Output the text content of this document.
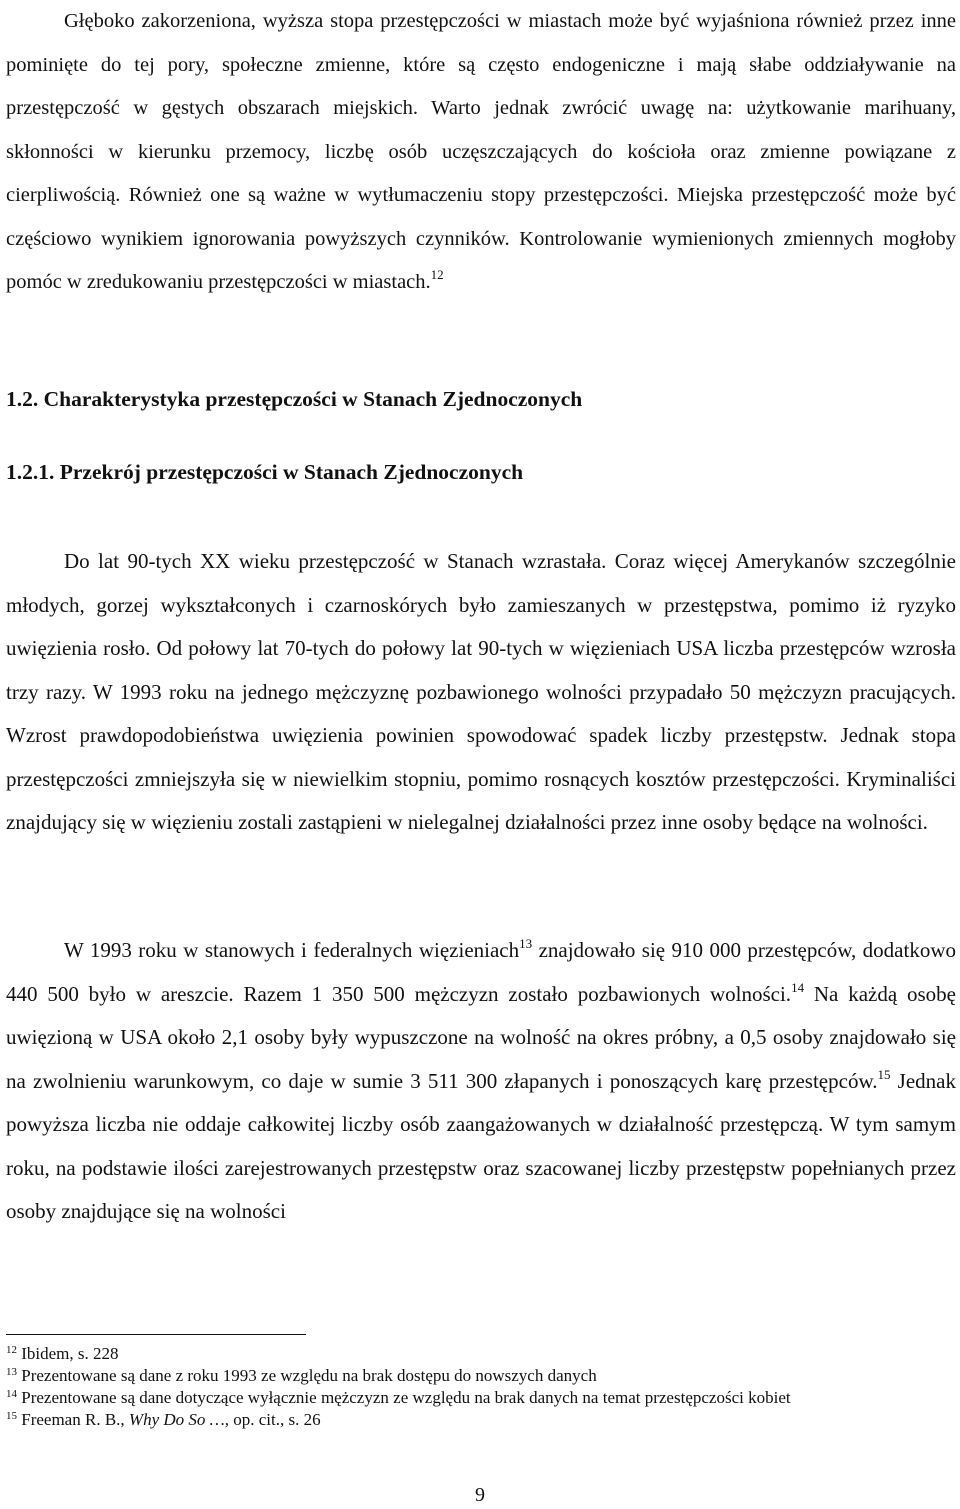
Głęboko zakorzeniona, wyższa stopa przestępczości w miastach może być wyjaśniona również przez inne pominięte do tej pory, społeczne zmienne, które są często endogeniczne i mają słabe oddziaływanie na przestępczość w gęstych obszarach miejskich. Warto jednak zwrócić uwagę na: użytkowanie marihuany, skłonności w kierunku przemocy, liczbę osób uczęszczających do kościoła oraz zmienne powiązane z cierpliwością. Również one są ważne w wytłumaczeniu stopy przestępczości. Miejska przestępczość może być częściowo wynikiem ignorowania powyższych czynników. Kontrolowanie wymienionych zmiennych mogłoby pomóc w zredukowaniu przestępczości w miastach.$^{12}$

1.2. Charakterystyka przestępczości w Stanach Zjednoczonych
1.2.1. Przekrój przestępczości w Stanach Zjednoczonych

Do lat 90-tych XX wieku przestępczość w Stanach wzrastała. Coraz więcej Amerykanów szczególnie młodych, gorzej wykształconych i czarnoskórych było zamieszanych w przestępstwa, pomimo iż ryzyko uwięzienia rosło. Od połowy lat 70-tych do połowy lat 90-tych w więzieniach USA liczba przestępców wzrosła trzy razy. W 1993 roku na jednego mężczyznę pozbawionego wolności przypadało 50 mężczyzn pracujących. Wzrost prawdopodobieństwa uwięzienia powinien spowodować spadek liczby przestępstw. Jednak stopa przestępczości zmniejszyła się w niewielkim stopniu, pomimo rosnących kosztów przestępczości. Kryminaliści znajdujący się w więzieniu zostali zastąpieni w nielegalnej działalności przez inne osoby będące na wolności.

W 1993 roku w stanowych i federalnych więzieniach$^{13}$ znajdowało się 910 000 przestępców, dodatkowo 440 500 było w areszcie. Razem 1 350 500 mężczyzn zostało pozbawionych wolności.$^{14}$ Na każdą osobę uwięzioną w USA około 2,1 osoby były wypuszczone na wolność na okres próbny, a 0,5 osoby znajdowało się na zwolnieniu warunkowym, co daje w sumie 3 511 300 złapanych i ponoszących karę przestępców.$^{15}$ Jednak powyższa liczba nie oddaje całkowitej liczby osób zaangażowanych w działalność przestępczą. W tym samym roku, na podstawie ilości zarejestrowanych przestępstw oraz szacowanej liczby przestępstw popełnianych przez osoby znajdujące się na wolności

$^{12}$ Ibidem, s. 228

$^{13}$ Prezentowane są dane z roku 1993 ze względu na brak dostępu do nowszych danych

$^{14}$ Prezentowane są dane dotyczące wyłącznie mężczyzn ze względu na brak danych na temat przestępczości kobiet

$^{15}$ Freeman R. B., Why Do So …, op. cit., s. 26

9
